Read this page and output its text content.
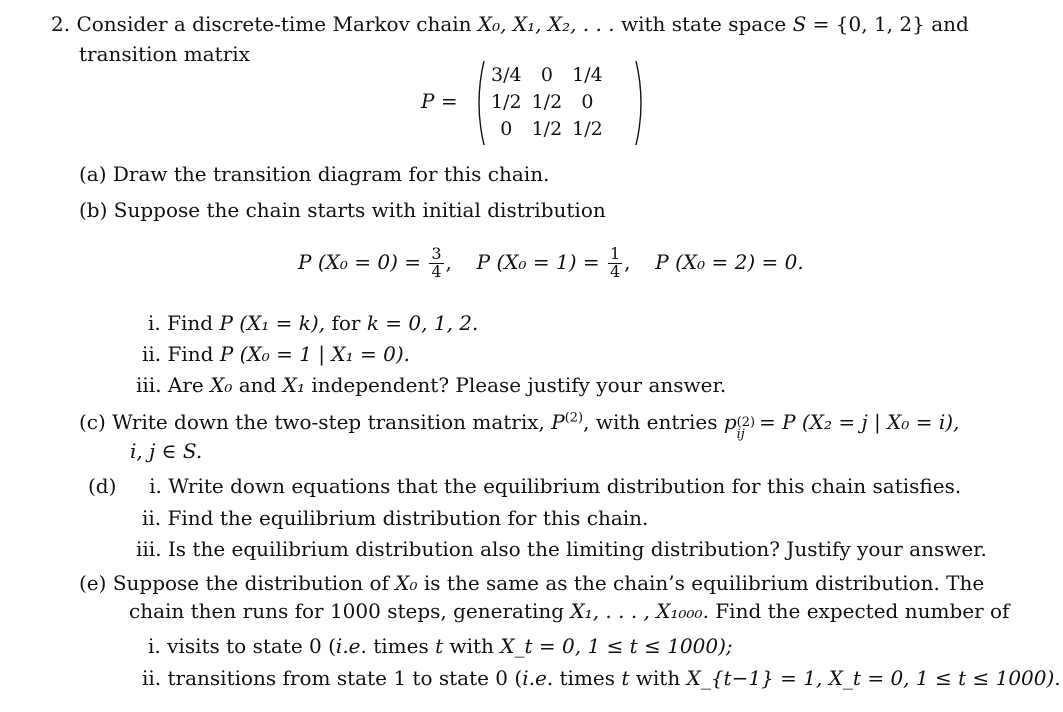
2. Consider a discrete-time Markov chain X₀, X₁, X₂, . . . with state space S = {0, 1, 2} and
transition matrix
P =
3/4	0	1/4
1/2	1/2	0
0	1/2	1/2
(a) Draw the transition diagram for this chain.
(b) Suppose the chain starts with initial distribution
P $(X_0 = 0) = \frac{3}{4}$ , P $(X_0 = 1) = \frac{1}{4}$ , P (X₀ = 2) = 0.
i. Find P (X₁ = k), for k = 0, 1, 2.
ii. Find P (X₀ = 1 | X₁ = 0).
iii. Are X₀ and X₁ independent? Please justify your answer.
(c) Write down the two-step transition matrix, $P^{(2)}$, with entries p (2)
ij
= P (X₂ = j | X₀ = i),
i, j ∈ S.
(d) i. Write down equations that the equilibrium distribution for this chain satisfies.
ii. Find the equilibrium distribution for this chain.
iii. Is the equilibrium distribution also the limiting distribution? Justify your answer.
(e) Suppose the distribution of X₀ is the same as the chain’s equilibrium distribution. The
chain then runs for 1000 steps, generating X₁, . . . , X₁₀₀₀. Find the expected number of
i. visits to state 0 (i.e. times t with X_t = 0, 1 ≤ t ≤ 1000);
ii. transitions from state 1 to state 0 (i.e. times t with X_{t−1} = 1, X_t = 0, 1 ≤ t ≤ 1000).
